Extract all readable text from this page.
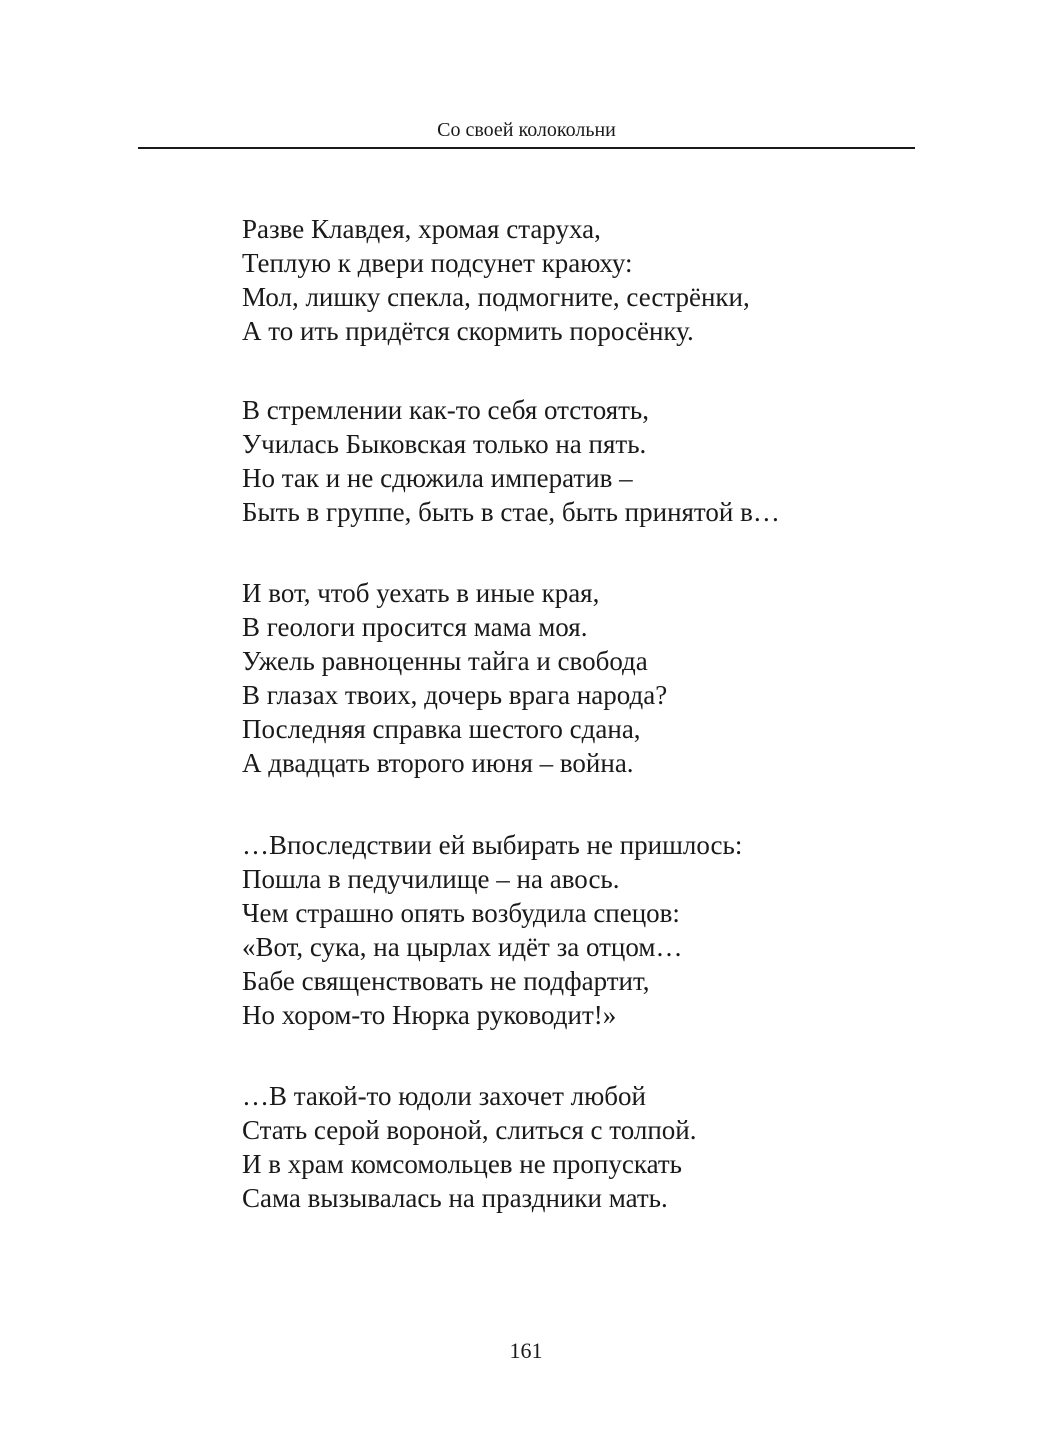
Со своей колокольни
Разве Клавдея, хромая старуха,
Теплую к двери подсунет краюху:
Мол, лишку спекла, подмогните, сестрёнки,
А то ить придётся скормить поросёнку.
В стремлении как-то себя отстоять,
Училась Быковская только на пять.
Но так и не сдюжила императив –
Быть в группе, быть в стае, быть принятой в…
И вот, чтоб уехать в иные края,
В геологи просится мама моя.
Ужель равноценны тайга и свобода
В глазах твоих, дочерь врага народа?
Последняя справка шестого сдана,
А двадцать второго июня – война.
…Впоследствии ей выбирать не пришлось:
Пошла в педучилище – на авось.
Чем страшно опять возбудила спецов:
«Вот, сука, на цырлах идёт за отцом…
Бабе священствовать не подфартит,
Но хором-то Нюрка руководит!»
…В такой-то юдоли захочет любой
Стать серой вороной, слиться с толпой.
И в храм комсомольцев не пропускать
Сама вызывалась на праздники мать.
161
